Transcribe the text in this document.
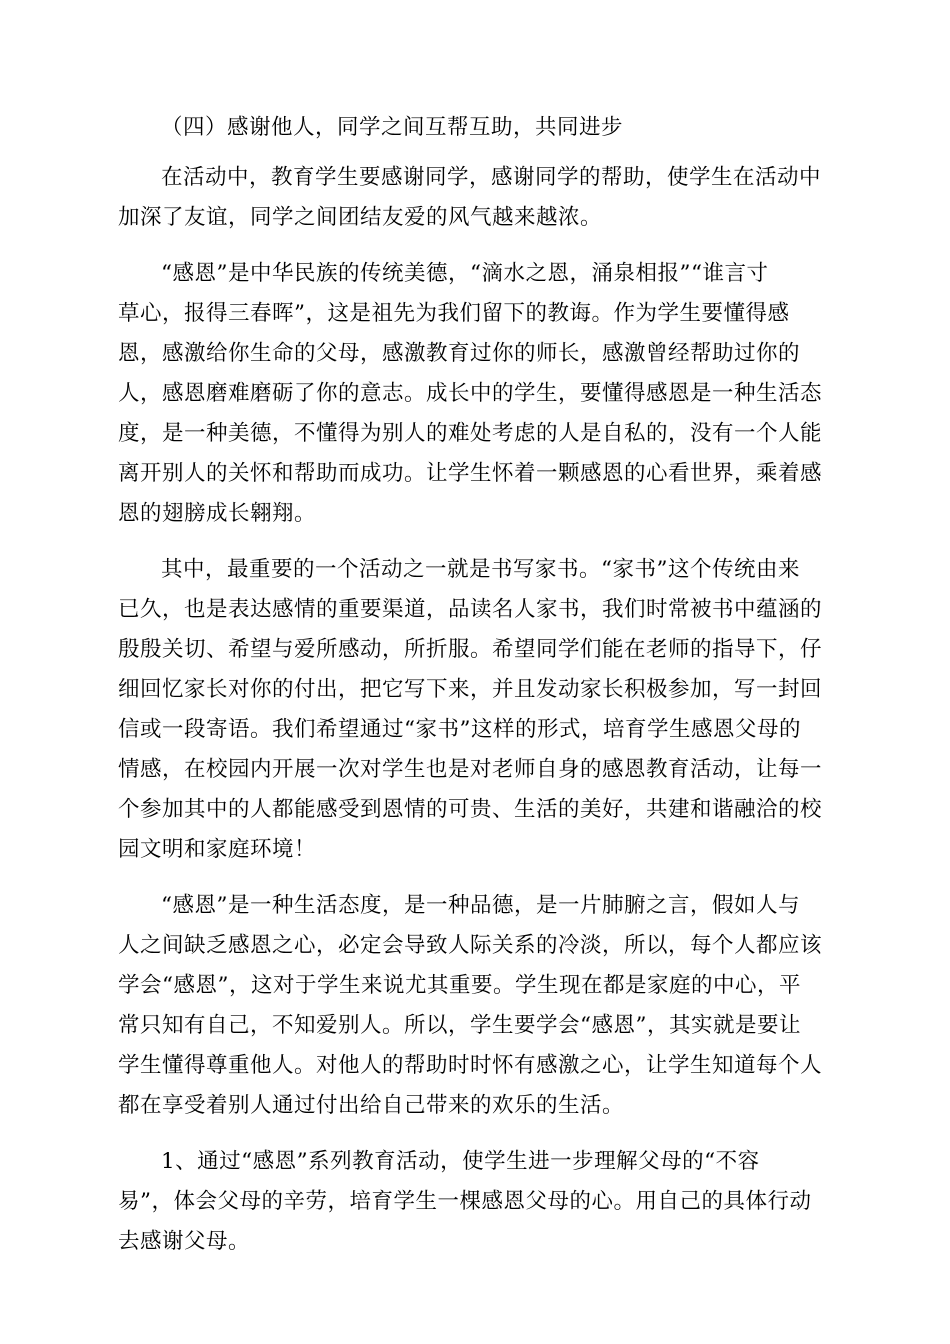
（四）感谢他人，同学之间互帮互助，共同进步
在活动中，教育学生要感谢同学，感谢同学的帮助，使学生在活动中
加深了友谊，同学之间团结友爱的风气越来越浓。
“感恩”是中华民族的传统美德，“滴水之恩，涌泉相报”“谁言寸
草心，报得三春晖”，这是祖先为我们留下的教诲。作为学生要懂得感
恩，感激给你生命的父母，感激教育过你的师长，感激曾经帮助过你的
人，感恩磨难磨砺了你的意志。成长中的学生，要懂得感恩是一种生活态
度，是一种美德，不懂得为别人的难处考虑的人是自私的，没有一个人能
离开别人的关怀和帮助而成功。让学生怀着一颗感恩的心看世界，乘着感
恩的翅膀成长翱翔。
其中，最重要的一个活动之一就是书写家书。“家书”这个传统由来
已久，也是表达感情的重要渠道，品读名人家书，我们时常被书中蕴涵的
殷殷关切、希望与爱所感动，所折服。希望同学们能在老师的指导下，仔
细回忆家长对你的付出，把它写下来，并且发动家长积极参加，写一封回
信或一段寄语。我们希望通过“家书”这样的形式，培育学生感恩父母的
情感，在校园内开展一次对学生也是对老师自身的感恩教育活动，让每一
个参加其中的人都能感受到恩情的可贵、生活的美好，共建和谐融洽的校
园文明和家庭环境！
“感恩”是一种生活态度，是一种品德，是一片肺腑之言，假如人与
人之间缺乏感恩之心，必定会导致人际关系的冷淡，所以，每个人都应该
学会“感恩”，这对于学生来说尤其重要。学生现在都是家庭的中心，平
常只知有自己，不知爱别人。所以，学生要学会“感恩”，其实就是要让
学生懂得尊重他人。对他人的帮助时时怀有感激之心，让学生知道每个人
都在享受着别人通过付出给自己带来的欢乐的生活。
1、通过“感恩”系列教育活动，使学生进一步理解父母的“不容
易”，体会父母的辛劳，培育学生一棵感恩父母的心。用自己的具体行动
去感谢父母。
